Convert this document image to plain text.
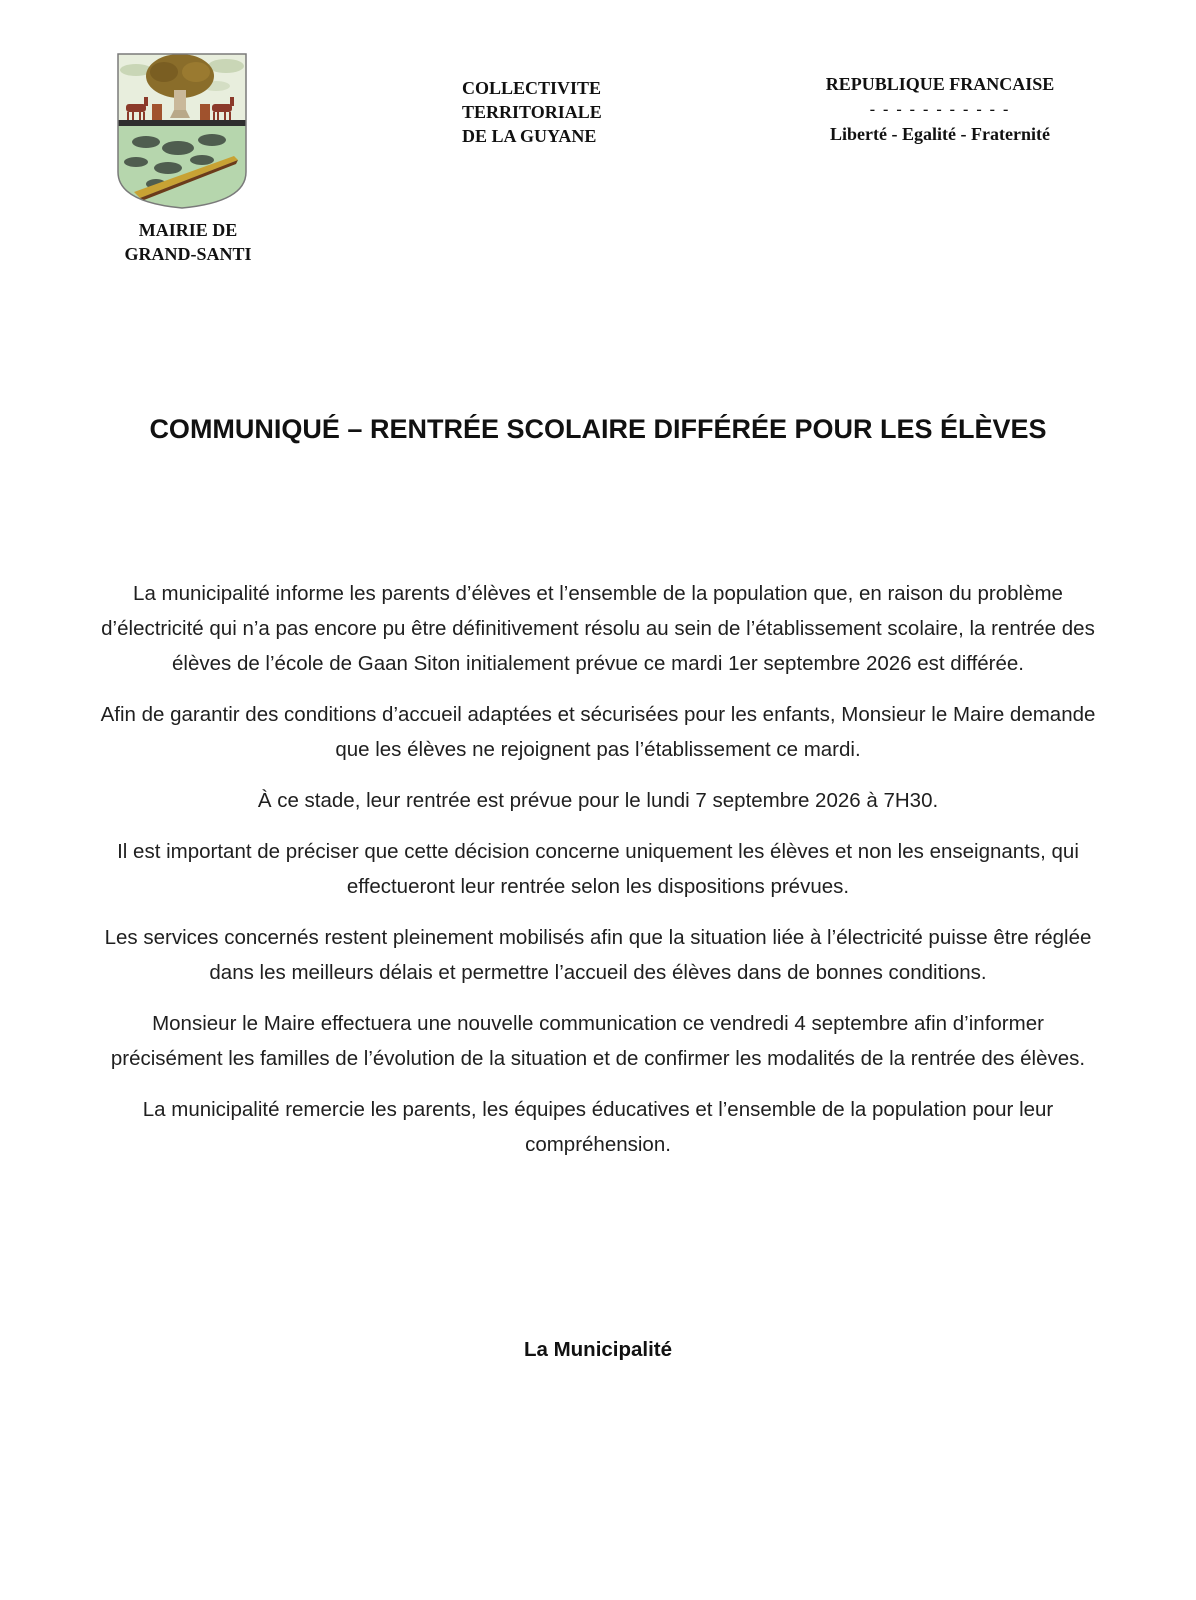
MAIRIE DE
GRAND-SANTI
COLLECTIVITE
TERRITORIALE
DE LA GUYANE
REPUBLIQUE FRANCAISE
- - - - - - - - - - -
Liberté - Egalité - Fraternité
COMMUNIQUÉ – RENTRÉE SCOLAIRE DIFFÉRÉE POUR LES ÉLÈVES

La municipalité informe les parents d’élèves et l’ensemble de la population que, en raison du problème d’électricité qui n’a pas encore pu être définitivement résolu au sein de l’établissement scolaire, la rentrée des élèves de l’école de Gaan Siton initialement prévue ce mardi 1er septembre 2026 est différée.

Afin de garantir des conditions d’accueil adaptées et sécurisées pour les enfants, Monsieur le Maire demande que les élèves ne rejoignent pas l’établissement ce mardi.

À ce stade, leur rentrée est prévue pour le lundi 7 septembre 2026 à 7H30.

Il est important de préciser que cette décision concerne uniquement les élèves et non les enseignants, qui effectueront leur rentrée selon les dispositions prévues.

Les services concernés restent pleinement mobilisés afin que la situation liée à l’électricité puisse être réglée dans les meilleurs délais et permettre l’accueil des élèves dans de bonnes conditions.

Monsieur le Maire effectuera une nouvelle communication ce vendredi 4 septembre afin d’informer précisément les familles de l’évolution de la situation et de confirmer les modalités de la rentrée des élèves.

La municipalité remercie les parents, les équipes éducatives et l’ensemble de la population pour leur compréhension.

La Municipalité
